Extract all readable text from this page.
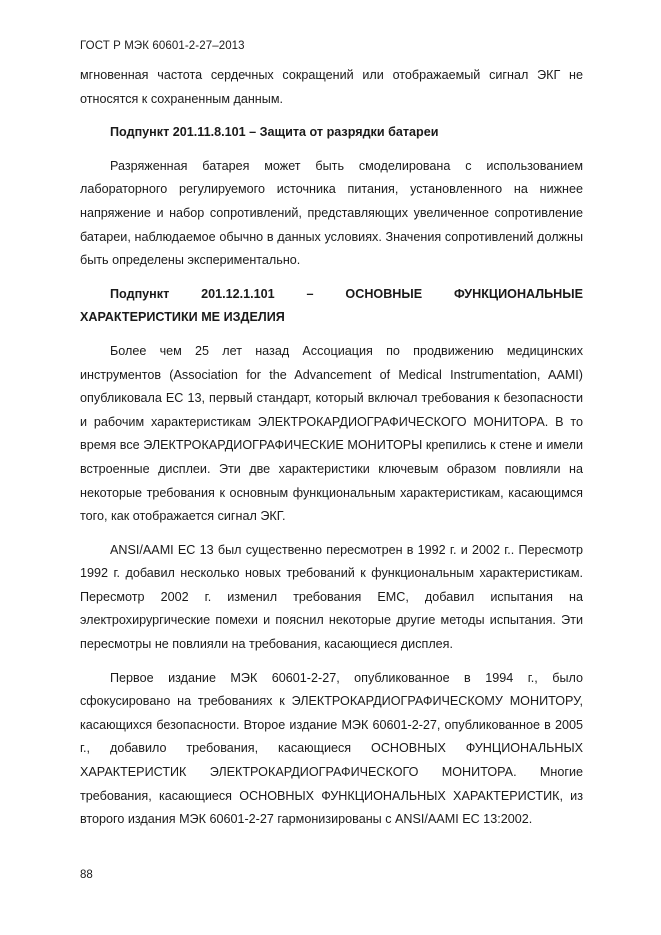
ГОСТ Р МЭК 60601-2-27–2013

мгновенная частота сердечных сокращений или отображаемый сигнал ЭКГ не относятся к сохраненным данным.

Подпункт 201.11.8.101 – Защита от разрядки батареи

Разряженная батарея может быть смоделирована с использованием лабораторного регулируемого источника питания, установленного на нижнее напряжение и набор сопротивлений, представляющих увеличенное сопротивление батареи, наблюдаемое обычно в данных условиях. Значения сопротивлений должны быть определены экспериментально.

Подпункт 201.12.1.101 – ОСНОВНЫЕ ФУНКЦИОНАЛЬНЫЕ ХАРАКТЕРИСТИКИ МЕ ИЗДЕЛИЯ

Более чем 25 лет назад Ассоциация по продвижению медицинских инструментов (Association for the Advancement of Medical Instrumentation, AAMI) опубликовала EC 13, первый стандарт, который включал требования к безопасности и рабочим характеристикам ЭЛЕКТРОКАРДИОГРАФИЧЕСКОГО МОНИТОРА. В то время все ЭЛЕКТРОКАРДИОГРАФИЧЕСКИЕ МОНИТОРЫ крепились к стене и имели встроенные дисплеи. Эти две характеристики ключевым образом повлияли на некоторые требования к основным функциональным характеристикам, касающимся того, как отображается сигнал ЭКГ.

ANSI/AAMI EC 13 был существенно пересмотрен в 1992 г. и 2002 г.. Пересмотр 1992 г. добавил несколько новых требований к функциональным характеристикам. Пересмотр 2002 г. изменил требования EMC, добавил испытания на электрохирургические помехи и пояснил некоторые другие методы испытания. Эти пересмотры не повлияли на требования, касающиеся дисплея.

Первое издание МЭК 60601-2-27, опубликованное в 1994 г., было сфокусировано на требованиях к ЭЛЕКТРОКАРДИОГРАФИЧЕСКОМУ МОНИТОРУ, касающихся безопасности. Второе издание МЭК 60601-2-27, опубликованное в 2005 г., добавило требования, касающиеся ОСНОВНЫХ ФУНЦИОНАЛЬНЫХ ХАРАКТЕРИСТИК ЭЛЕКТРОКАРДИОГРАФИЧЕСКОГО МОНИТОРА. Многие требования, касающиеся ОСНОВНЫХ ФУНКЦИОНАЛЬНЫХ ХАРАКТЕРИСТИК, из второго издания МЭК 60601-2-27 гармонизированы с ANSI/AAMI EC 13:2002.

88
